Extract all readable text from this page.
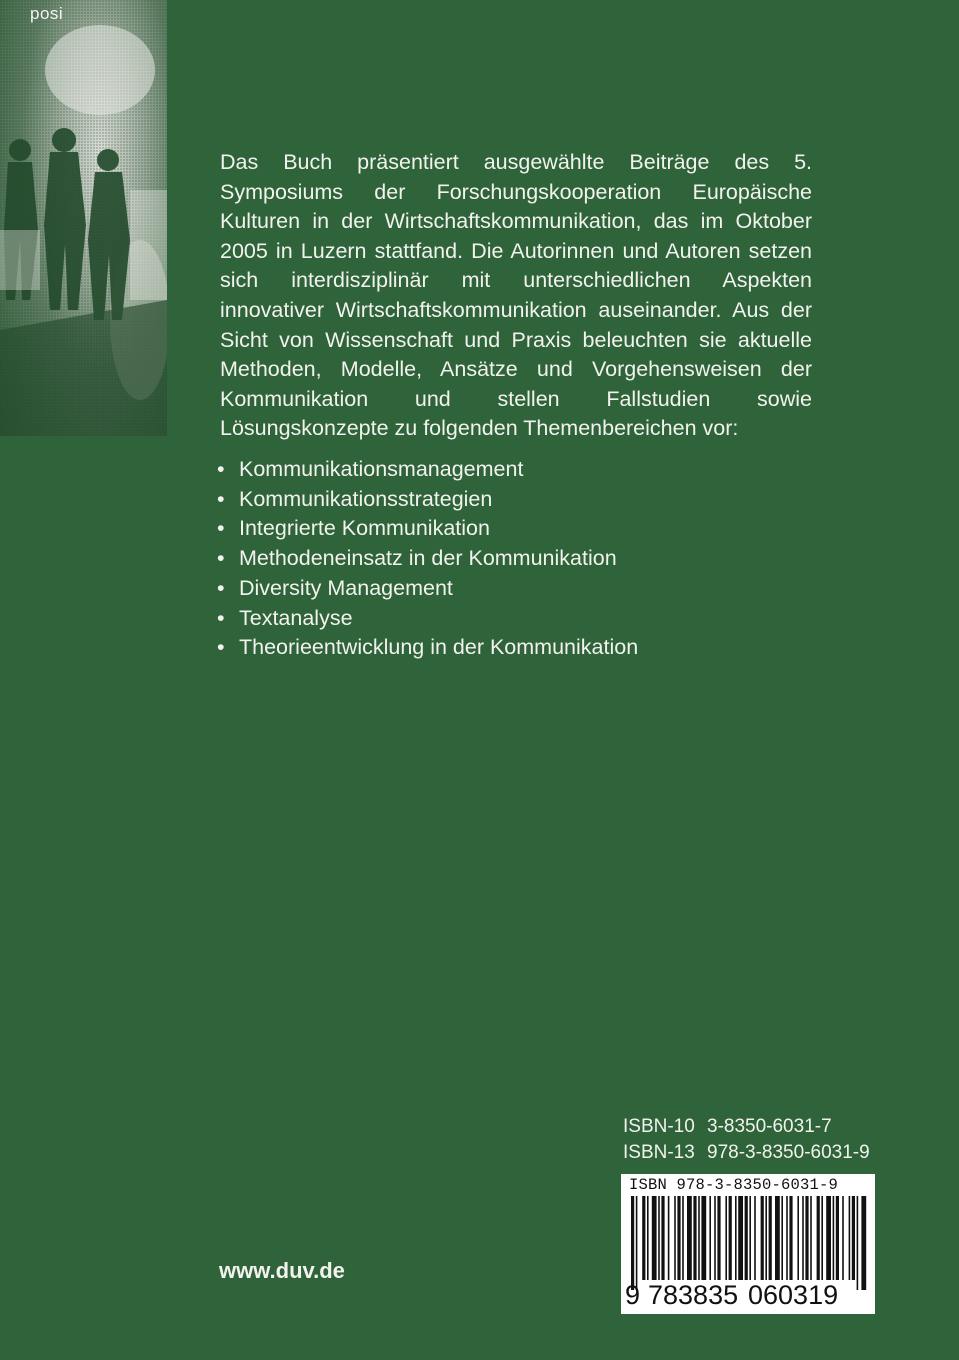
posi

Das Buch präsentiert ausgewählte Beiträge des 5. Symposiums der Forschungskooperation Europäische Kulturen in der Wirtschaftskommunikation, das im Oktober 2005 in Luzern stattfand. Die Autorinnen und Autoren setzen sich interdisziplinär mit unterschiedlichen Aspekten innovativer Wirtschaftskommunikation auseinander. Aus der Sicht von Wissenschaft und Praxis beleuchten sie aktuelle Methoden, Modelle, Ansätze und Vorgehensweisen der Kommunikation und stellen Fallstudien sowie Lösungskonzepte zu folgenden Themenbereichen vor:

• Kommunikationsmanagement
• Kommunikationsstrategien
• Integrierte Kommunikation
• Methodeneinsatz in der Kommunikation
• Diversity Management
• Textanalyse
• Theorieentwicklung in der Kommunikation
ISBN-10 3-8350-6031-7
ISBN-13 978-3-8350-6031-9
ISBN 978-3-8350-6031-9
9 783835 060319
www.duv.de
